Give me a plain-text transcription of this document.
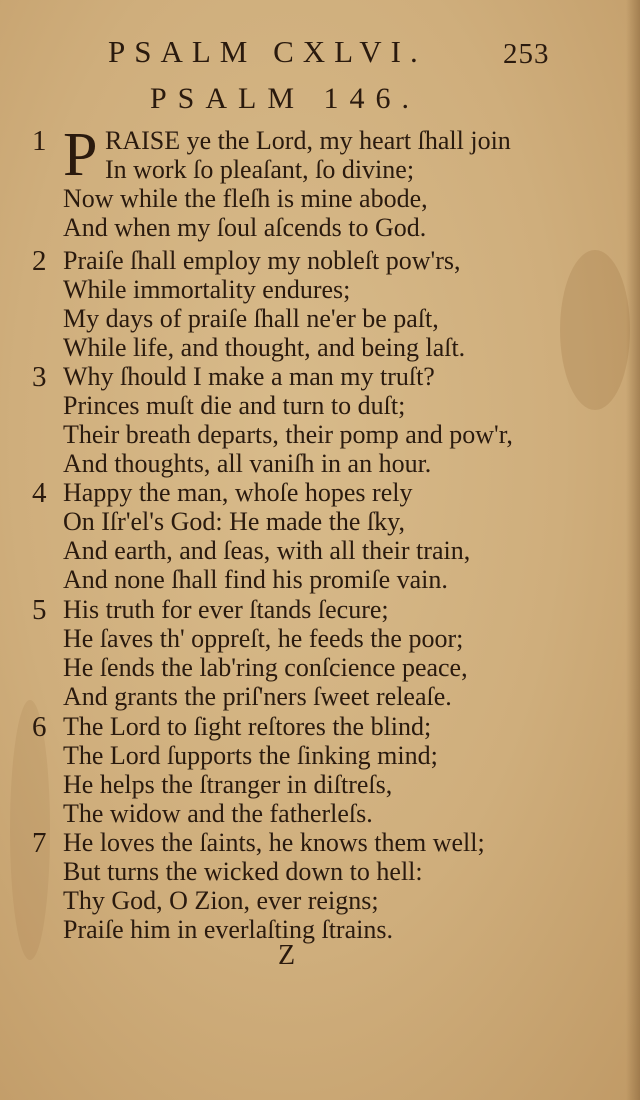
PSALM CXLVI.	253
PSALM 146.
1 P RAISE ye the Lord, my heart ſhall join
In work ſo pleaſant, ſo divine;
Now while the fleſh is mine abode,
And when my ſoul aſcends to God.
2 Praiſe ſhall employ my nobleſt pow'rs,
While immortality endures;
My days of praiſe ſhall ne'er be paſt,
While life, and thought, and being laſt.
3 Why ſhould I make a man my truſt?
Princes muſt die and turn to duſt;
Their breath departs, their pomp and pow'r,
And thoughts, all vaniſh in an hour.
4 Happy the man, whoſe hopes rely
On Iſr'el's God: He made the ſky,
And earth, and ſeas, with all their train,
And none ſhall find his promiſe vain.
5 His truth for ever ſtands ſecure;
He ſaves th' oppreſt, he feeds the poor;
He ſends the lab'ring conſcience peace,
And grants the priſ'ners ſweet releaſe.
6 The Lord to ſight reſtores the blind;
The Lord ſupports the ſinking mind;
He helps the ſtranger in diſtreſs,
The widow and the fatherleſs.
7 He loves the ſaints, he knows them well;
But turns the wicked down to hell:
Thy God, O Zion, ever reigns;
Praiſe him in everlaſting ſtrains.
Z
